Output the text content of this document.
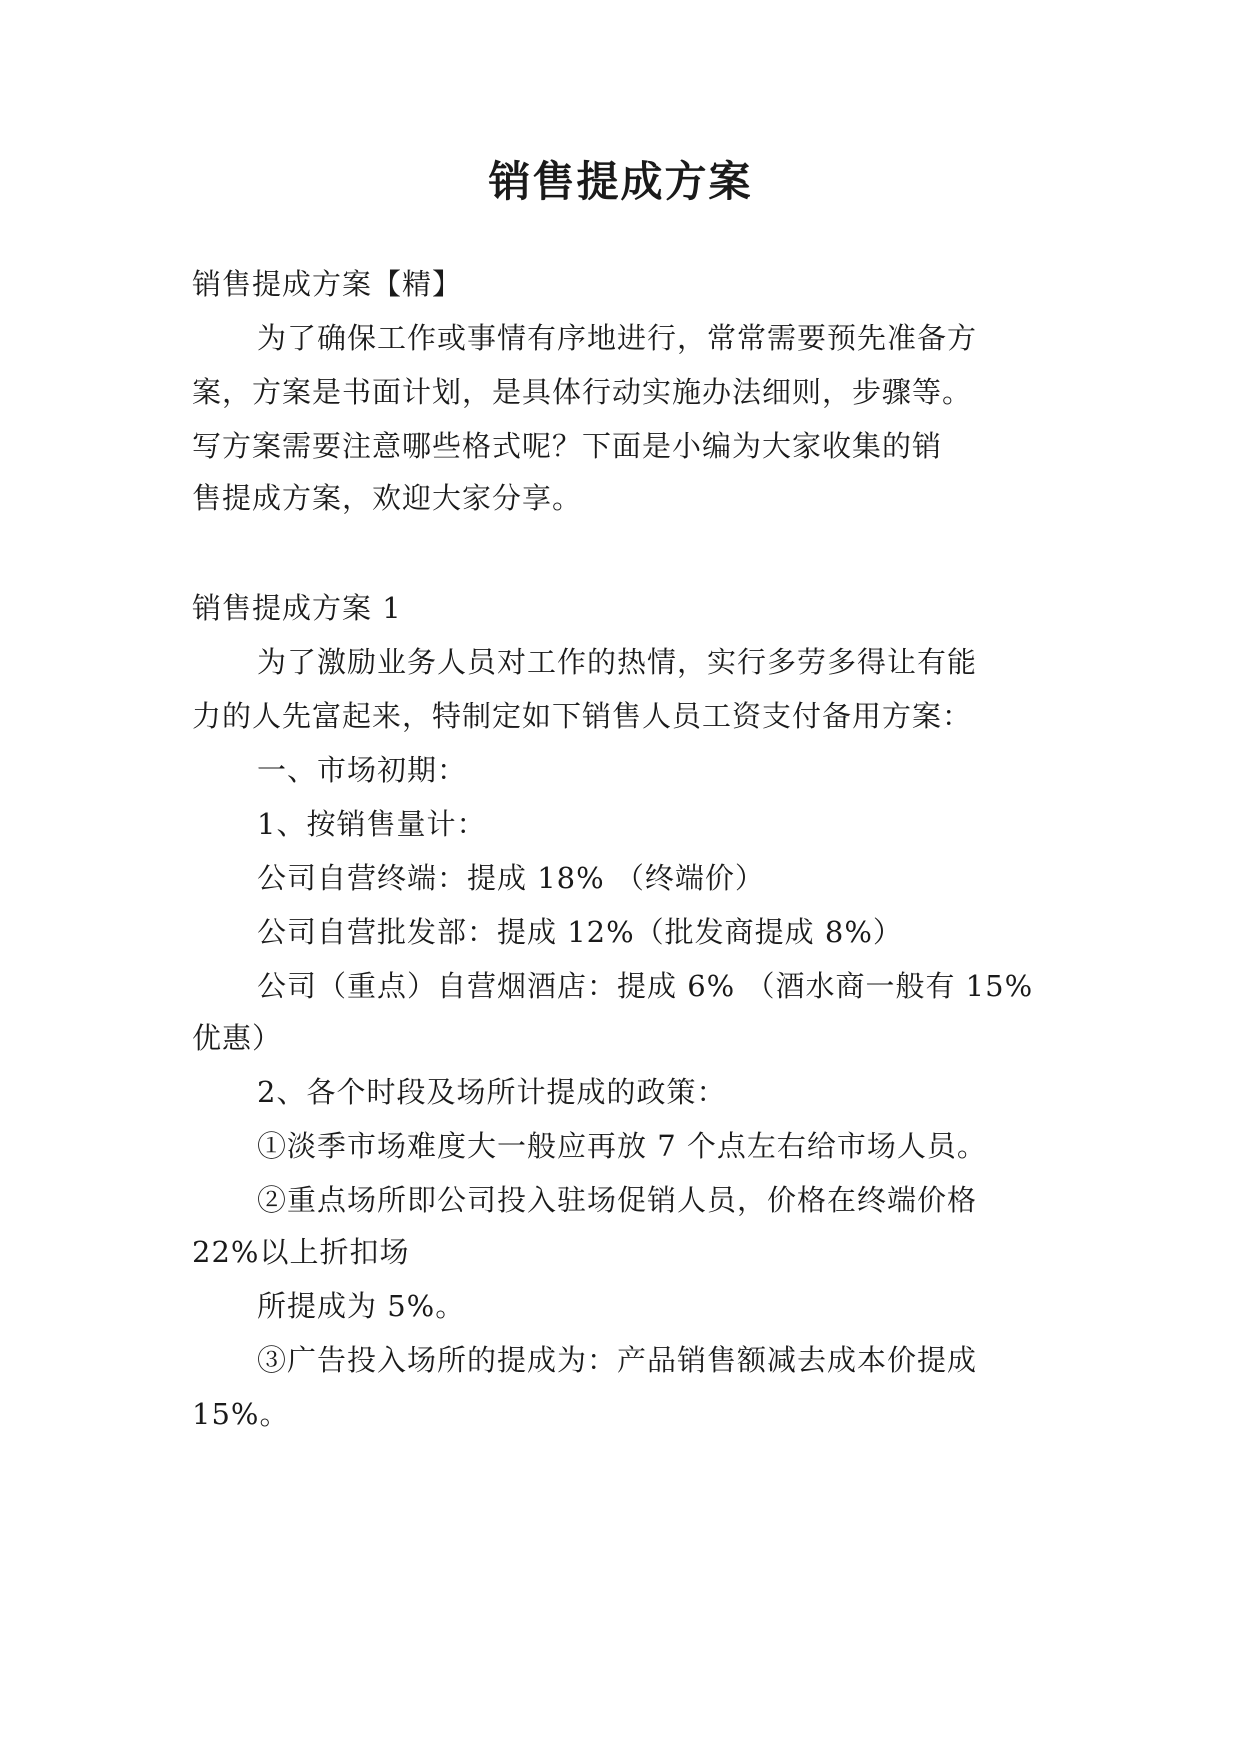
销售提成方案

销售提成方案【精】

为了确保工作或事情有序地进行，常常需要预先准备方

案，方案是书面计划，是具体行动实施办法细则，步骤等。

写方案需要注意哪些格式呢？下面是小编为大家收集的销

售提成方案，欢迎大家分享。

销售提成方案 1

为了激励业务人员对工作的热情，实行多劳多得让有能

力的人先富起来，特制定如下销售人员工资支付备用方案：

一、市场初期：

1、按销售量计：

公司自营终端：提成 18% （终端价）

公司自营批发部：提成 12%（批发商提成 8%）

公司（重点）自营烟酒店：提成 6% （酒水商一般有 15%

优惠）

2、各个时段及场所计提成的政策：

①淡季市场难度大一般应再放 7 个点左右给市场人员。

②重点场所即公司投入驻场促销人员，价格在终端价格

22%以上折扣场

所提成为 5%。

③广告投入场所的提成为：产品销售额减去成本价提成

15%。
